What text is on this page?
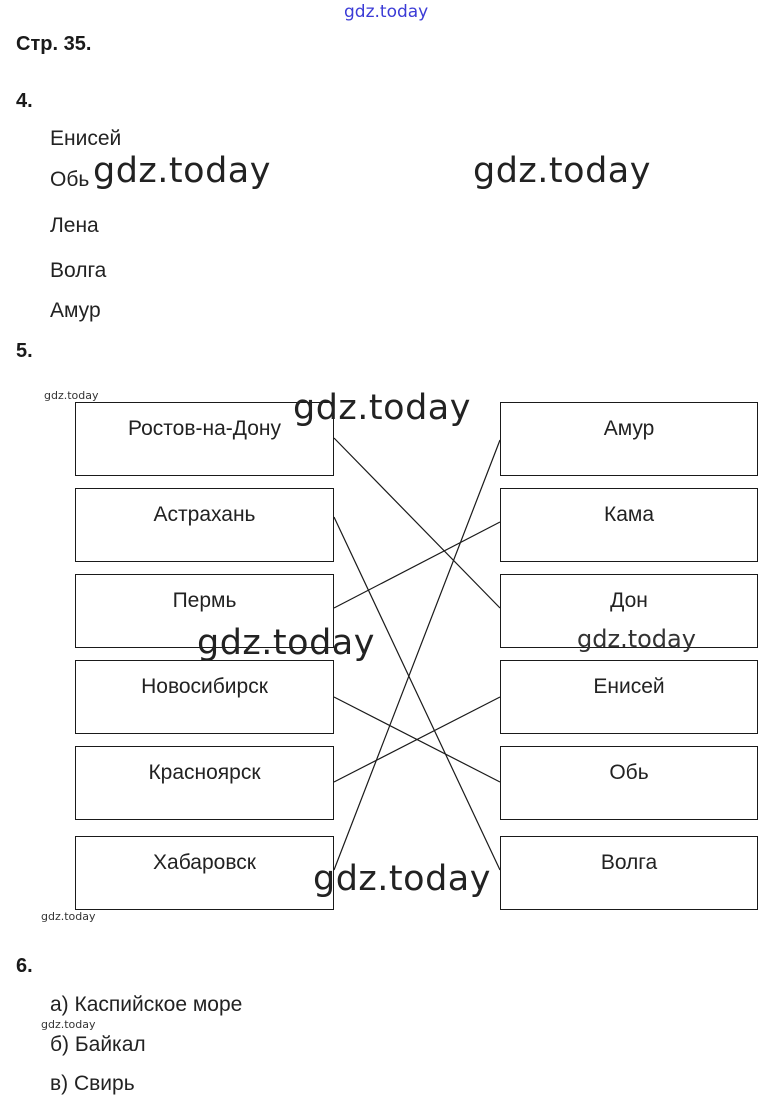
gdz.today
Стр. 35.
4.
Енисей
Обь
Лена
Волга
Амур
gdz.today	gdz.today
5.
gdz.today
Ростов-на-Дону
Астрахань
Пермь
Новосибирск
Красноярск
Хабаровск
Амур
Кама
Дон
Енисей
Обь
Волга
gdz.today
gdz.today	gdz.today
gdz.today
gdz.today
6.
а) Каспийское море
gdz.today
б) Байкал
в) Свирь
